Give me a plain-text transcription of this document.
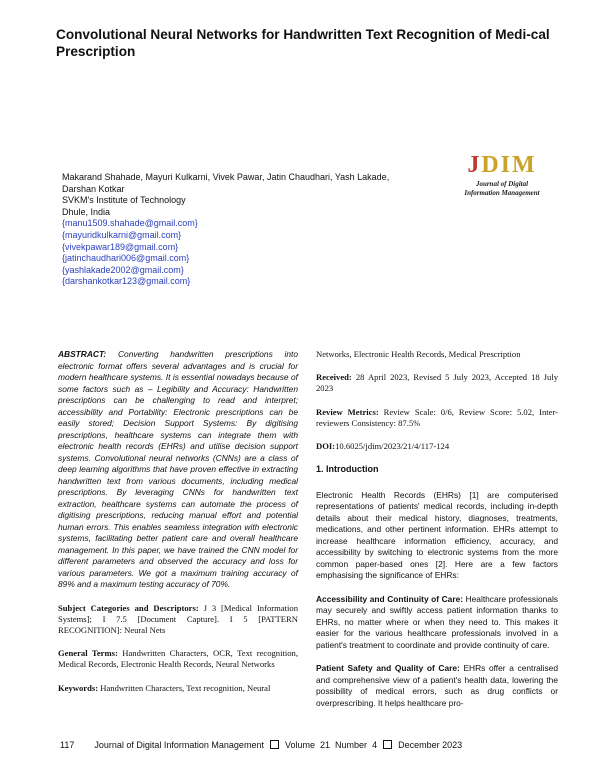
Convolutional Neural Networks for Handwritten Text Recognition of Medi-cal Prescription
Makarand Shahade, Mayuri Kulkarni, Vivek Pawar, Jatin Chaudhari, Yash Lakade,
Darshan Kotkar
SVKM's Institute of Technology
Dhule, India
{manu1509.shahade@gmail.com}
{mayuridkulkarni@gmail.com}
{vivekpawar189@gmail.com}
{jatinchaudhari006@gmail.com}
{yashlakade2002@gmail.com}
{darshankotkar123@gmail.com}
JDIM
Journal of Digital
Information Management

ABSTRACT: Converting handwritten prescriptions into electronic format offers several advantages and is crucial for modern healthcare systems. It is essential nowadays because of some factors such as – Legibility and Accuracy: Handwritten prescriptions can be challenging to read and interpret; accessibility and Portability: Electronic prescriptions can be easily stored; Decision Support Systems: By digitising prescriptions, healthcare systems can integrate them with electronic health records (EHRs) and utilise decision support systems. Convolutional neural networks (CNNs) are a class of deep learning algorithms that have proven effective in extracting handwritten text from various documents, including medical prescriptions. By leveraging CNNs for handwritten text extraction, healthcare systems can automate the process of digitising prescriptions, reducing manual effort and potential human errors. This enables seamless integration with electronic systems, facilitating better patient care and overall healthcare management. In this paper, we have trained the CNN model for different parameters and observed the accuracy and loss for various parameters. We got a maximum training accuracy of 89% and a maximum testing accuracy of 70%.

Subject Categories and Descriptors: J 3 [Medical Information Systems]; I 7.5 [Document Capture]. I 5 [PATTERN RECOGNITION]: Neural Nets

General Terms: Handwritten Characters, OCR, Text recognition, Medical Records, Electronic Health Records, Neural Networks

Keywords: Handwritten Characters, Text recognition, Neural

Networks, Electronic Health Records, Medical Prescription

Received: 28 April 2023, Revised 5 July 2023, Accepted 18 July 2023

Review Metrics: Review Scale: 0/6, Review Score: 5.02, Inter-reviewers Consistency: 87.5%

DOI:10.6025/jdim/2023/21/4/117-124

1. Introduction

Electronic Health Records (EHRs) [1] are computerised representations of patients' medical records, including in-depth details about their medical history, diagnoses, treatments, medications, and other pertinent information. EHRs attempt to increase healthcare information efficiency, accuracy, and accessibility by switching to electronic systems from the more common paper-based ones [2]. Here are a few factors emphasising the significance of EHRs:

Accessibility and Continuity of Care: Healthcare professionals may securely and swiftly access patient information thanks to EHRs, no matter where or when they need to. This makes it easier for the various healthcare professionals involved in a patient's treatment to coordinate and provide continuity of care.

Patient Safety and Quality of Care: EHRs offer a centralised and comprehensive view of a patient's health data, lowering the possibility of medical errors, such as drug conflicts or overprescribing. It helps healthcare pro-

117 Journal of Digital Information Management Volume
21
Number
4 December 2023
